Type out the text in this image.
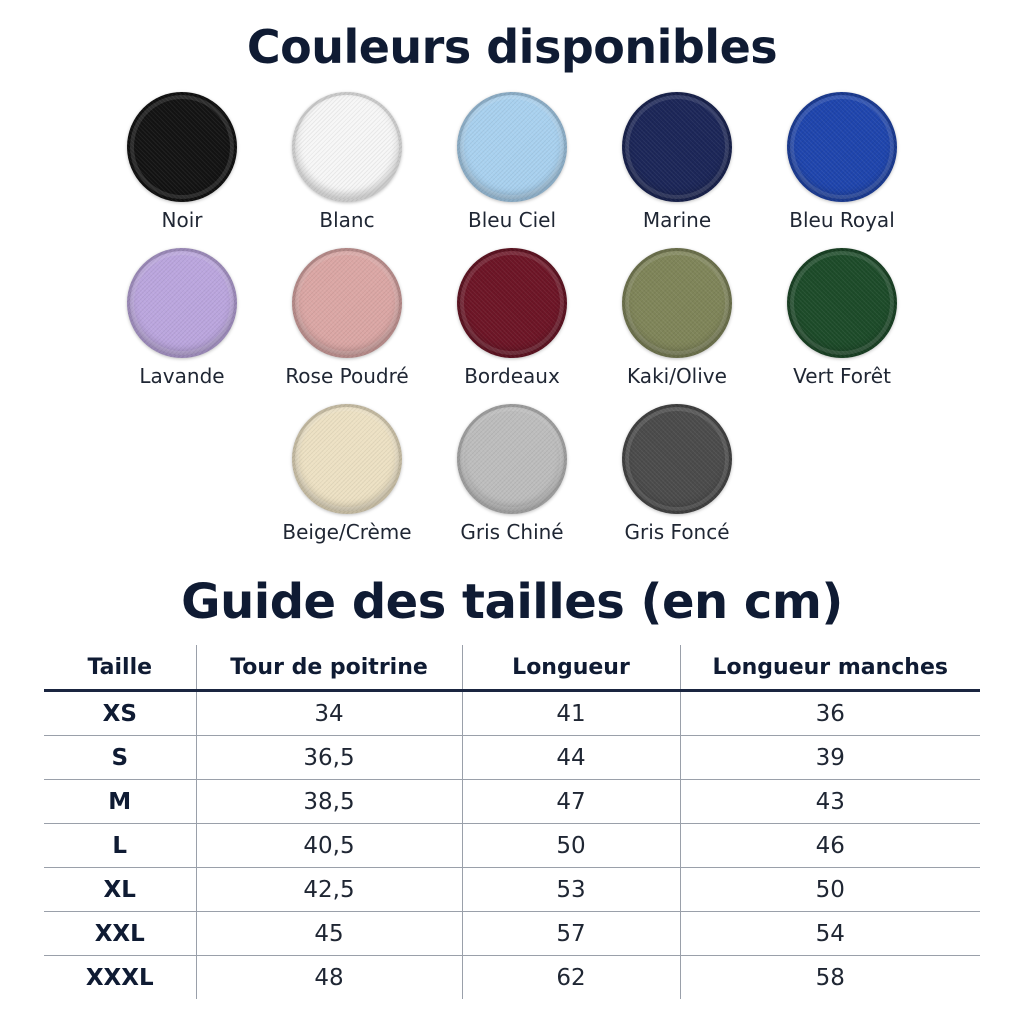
Couleurs disponibles
Noir	Blanc	Bleu Ciel	Marine	Bleu Royal
Lavande	Rose Poudré	Bordeaux	Kaki/Olive	Vert Forêt
Beige/Crème	Gris Chiné	Gris Foncé
Guide des tailles (en cm)
Taille	Tour de poitrine	Longueur	Longueur manches
XS	34	41	36
S	36,5	44	39
M	38,5	47	43
L	40,5	50	46
XL	42,5	53	50
XXL	45	57	54
XXXL	48	62	58
